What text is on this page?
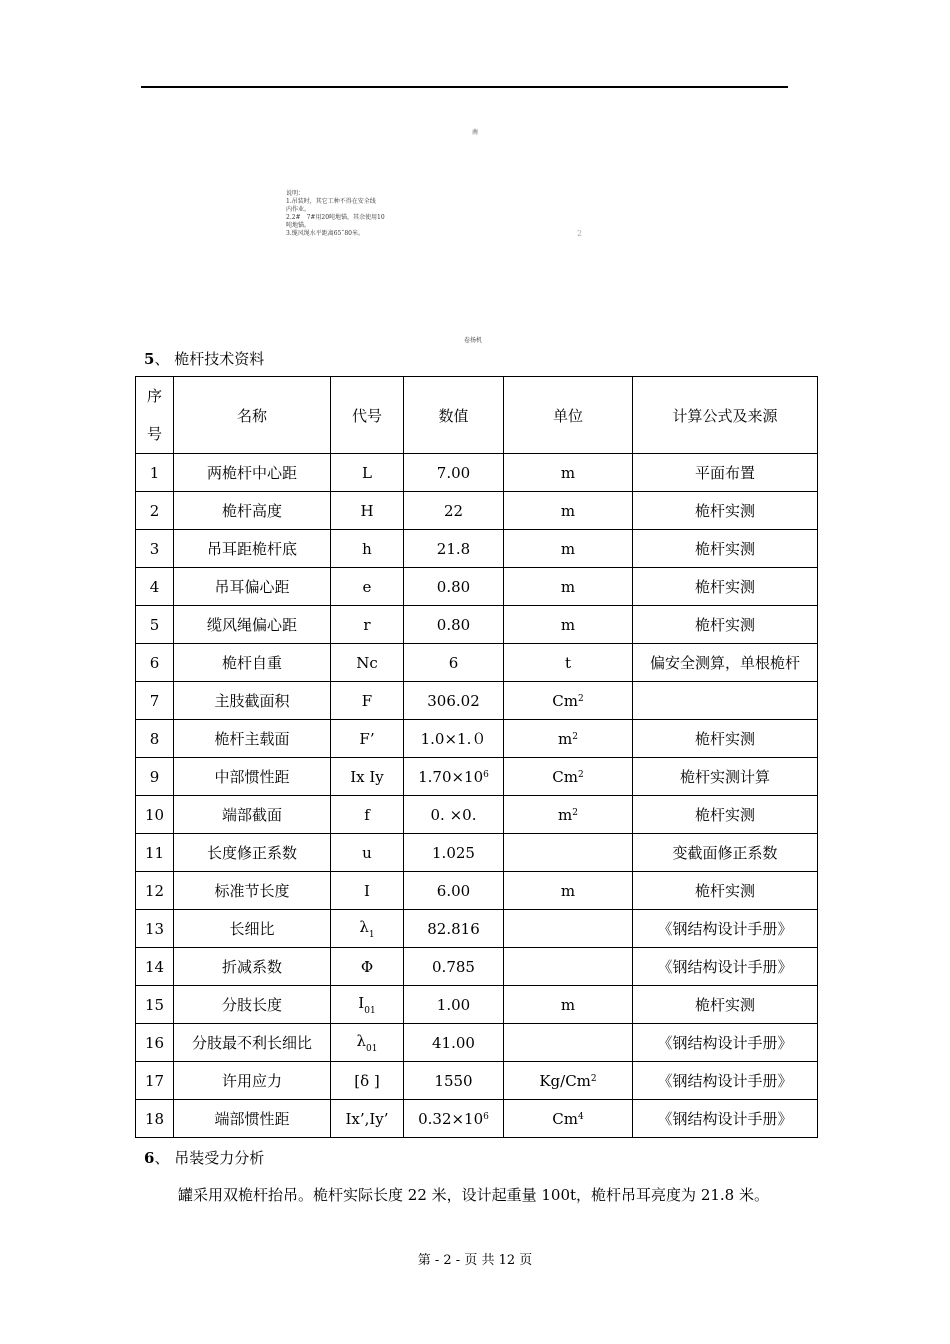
南
说明：
1.吊装时，其它工种不得在安全线
内作业。
2.2#　7#用20吨地锚，其余使用10
吨地锚。
3.缆风绳水平距离65˜80米。	2
卷扬机
5、 桅杆技术资料
序
号	名称	代号	数值	单位	计算公式及来源
1	两桅杆中心距	L	7.00	m	平面布置
2	桅杆高度	H	22	m	桅杆实测
3	吊耳距桅杆底	h	21.8	m	桅杆实测
4	吊耳偏心距	e	0.80	m	桅杆实测
5	缆风绳偏心距	r	0.80	m	桅杆实测
6	桅杆自重	Nc	6	t	偏安全测算，单根桅杆
7	主肢截面积	F	306.02	Cm$^2$	
8	桅杆主载面	F’	1.0×1.０	$m^2$	桅杆实测
9	中部惯性距	Ix Iy	$1.70\times 10^6$	Cm$^2$	桅杆实测计算
10	端部截面	f	0. ×0.	$m^2$	桅杆实测
11	长度修正系数	u	1.025		变截面修正系数
12	标准节长度	I	6.00	m	桅杆实测
13	长细比	$\lambda_1$	82.816		《钢结构设计手册》
14	折减系数	Φ	0.785		《钢结构设计手册》
15	分肢长度	$I_{01}$	1.00	m	桅杆实测
16	分肢最不利长细比	$\lambda_{01}$	41.00		《钢结构设计手册》
17	许用应力	[δ ]	1550	Kg/Cm$^2$	《钢结构设计手册》
18	端部惯性距	Ix’,Iy’	$0.32\times 10^6$	Cm$^4$	《钢结构设计手册》
6、 吊装受力分析
罐采用双桅杆抬吊。桅杆实际长度 22 米，设计起重量 100t，桅杆吊耳亮度为 21.8 米。
第 - 2 - 页 共 12 页
